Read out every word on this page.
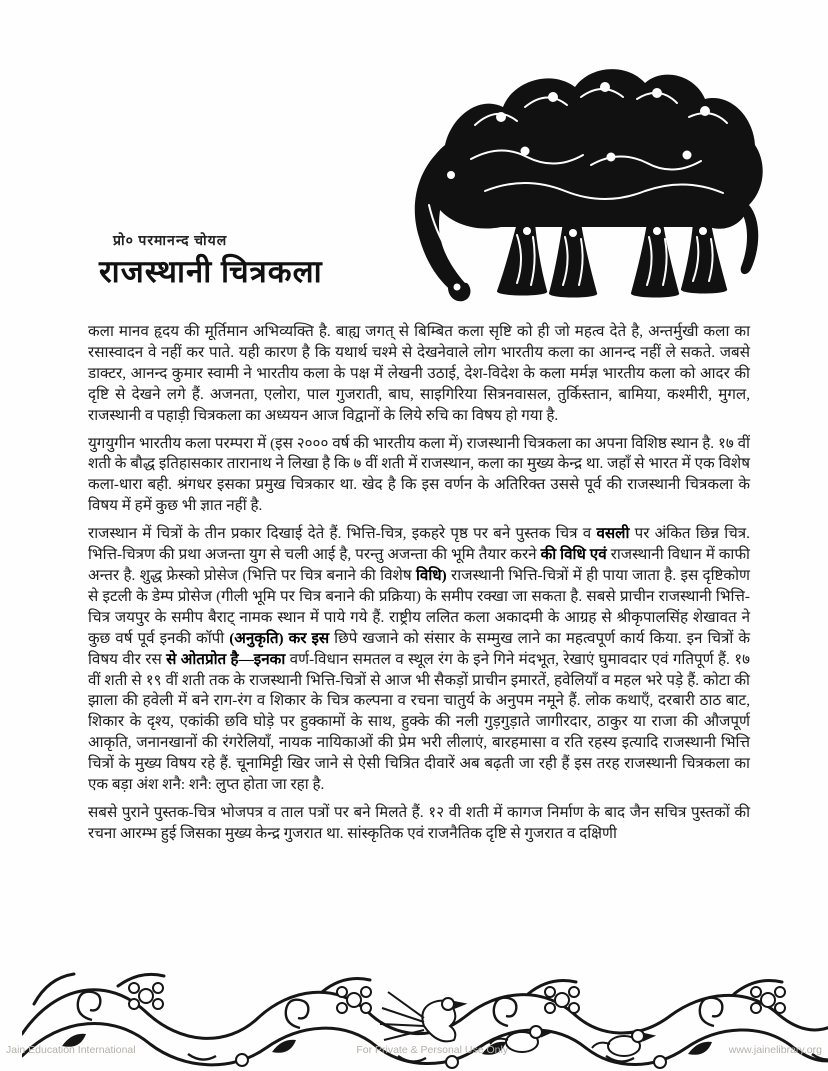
प्रो० परमानन्द चोयल
राजस्थानी चित्रकला

कला मानव हृदय की मूर्तिमान अभिव्यक्ति है. बाह्य जगत् से बिम्बित कला सृष्टि को ही जो महत्व देते है, अन्तर्मुखी कला का रसास्वादन वे नहीं कर पाते. यही कारण है कि यथार्थ चश्मे से देखनेवाले लोग भारतीय कला का आनन्द नहीं ले सकते. जबसे डाक्टर, आनन्द कुमार स्वामी ने भारतीय कला के पक्ष में लेखनी उठाई, देश-विदेश के कला मर्मज्ञ भारतीय कला को आदर की दृष्टि से देखने लगे हैं. अजनता, एलोरा, पाल गुजराती, बाघ, साइगिरिया सित्रनवासल, तुर्किस्तान, बामिया, कश्मीरी, मुगल, राजस्थानी व पहाड़ी चित्रकला का अध्ययन आज विद्वानों के लिये रुचि का विषय हो गया है.

युगयुगीन भारतीय कला परम्परा में (इस २००० वर्ष की भारतीय कला में) राजस्थानी चित्रकला का अपना विशिष्ठ स्थान है. १७ वीं शती के बौद्ध इतिहासकार तारानाथ ने लिखा है कि ७ वीं शती में राजस्थान, कला का मुख्य केन्द्र था. जहाँ से भारत में एक विशेष कला-धारा बही. श्रंगधर इसका प्रमुख चित्रकार था. खेद है कि इस वर्णन के अतिरिक्त उससे पूर्व की राजस्थानी चित्रकला के विषय में हमें कुछ भी ज्ञात नहीं है.

राजस्थान में चित्रों के तीन प्रकार दिखाई देते हैं. भित्ति-चित्र, इकहरे पृष्ठ पर बने पुस्तक चित्र व वसली पर अंकित छिन्न चित्र. भित्ति-चित्रण की प्रथा अजन्ता युग से चली आई है, परन्तु अजन्ता की भूमि तैयार करने की विधि एवं राजस्थानी विधान में काफी अन्तर है. शुद्ध फ्रेस्को प्रोसेज (भित्ति पर चित्र बनाने की विशेष विधि) राजस्थानी भित्ति-चित्रों में ही पाया जाता है. इस दृष्टिकोण से इटली के डेम्प प्रोसेज (गीली भूमि पर चित्र बनाने की प्रक्रिया) के समीप रक्खा जा सकता है. सबसे प्राचीन राजस्थानी भित्ति-चित्र जयपुर के समीप बैराट् नामक स्थान में पाये गये हैं. राष्ट्रीय ललित कला अकादमी के आग्रह से श्रीकृपालसिंह शेखावत ने कुछ वर्ष पूर्व इनकी कॉपी (अनुकृति) कर इस छिपे खजाने को संसार के सम्मुख लाने का महत्वपूर्ण कार्य किया. इन चित्रों के विषय वीर रस से ओतप्रोत है—इनका वर्ण-विधान समतल व स्थूल रंग के इने गिने मंदभूत, रेखाएं घुमावदार एवं गतिपूर्ण हैं. १७ वीं शती से १९ वीं शती तक के राजस्थानी भित्ति-चित्रों से आज भी सैकड़ों प्राचीन इमारतें, हवेलियाँ व महल भरे पड़े हैं. कोटा की झाला की हवेली में बने राग-रंग व शिकार के चित्र कल्पना व रचना चातुर्य के अनुपम नमूने हैं. लोक कथाएँ, दरबारी ठाठ बाट, शिकार के दृश्य, एकांकी छवि घोड़े पर हुक्कामों के साथ, हुक्के की नली गुड़गुड़ाते जागीरदार, ठाकुर या राजा की औजपूर्ण आकृति, जनानखानों की रंगरेलियाँ, नायक नायिकाओं की प्रेम भरी लीलाएं, बारहमासा व रति रहस्य इत्यादि राजस्थानी भित्ति चित्रों के मुख्य विषय रहे हैं. चूनामिट्टी खिर जाने से ऐसी चित्रित दीवारें अब बढ़ती जा रही हैं इस तरह राजस्थानी चित्रकला का एक बड़ा अंश शनै: शनै: लुप्त होता जा रहा है.

सबसे पुराने पुस्तक-चित्र भोजपत्र व ताल पत्रों पर बने मिलते हैं. १२ वी शती में कागज निर्माण के बाद जैन सचित्र पुस्तकों की रचना आरम्भ हुई जिसका मुख्य केन्द्र गुजरात था. सांस्कृतिक एवं राजनैतिक दृष्टि से गुजरात व दक्षिणी

Jain Education International	For Private & Personal Use Only	www.jainelibrary.org
